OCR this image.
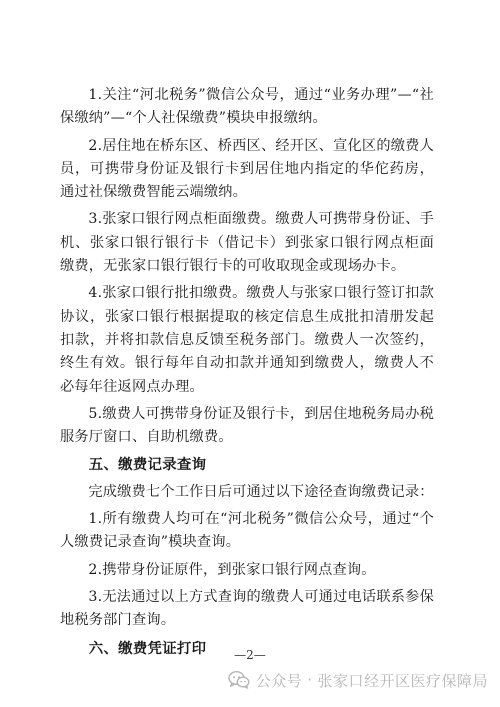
1.关注“河北税务”微信公众号，通过“业务办理”—“社保缴纳”—“个人社保缴费”模块申报缴纳。

2.居住地在桥东区、桥西区、经开区、宣化区的缴费人员，可携带身份证及银行卡到居住地内指定的华佗药房，通过社保缴费智能云端缴纳。

3.张家口银行网点柜面缴费。缴费人可携带身份证、手机、张家口银行银行卡（借记卡）到张家口银行网点柜面缴费，无张家口银行银行卡的可收取现金或现场办卡。

4.张家口银行批扣缴费。缴费人与张家口银行签订扣款协议，张家口银行根据提取的核定信息生成批扣清册发起扣款，并将扣款信息反馈至税务部门。缴费人一次签约，终生有效。银行每年自动扣款并通知到缴费人，缴费人不必每年往返网点办理。

5.缴费人可携带身份证及银行卡，到居住地税务局办税服务厅窗口、自助机缴费。

五、缴费记录查询

完成缴费七个工作日后可通过以下途径查询缴费记录：

1.所有缴费人均可在“河北税务”微信公众号，通过“个人缴费记录查询”模块查询。

2.携带身份证原件，到张家口银行网点查询。

3.无法通过以上方式查询的缴费人可通过电话联系参保地税务部门查询。

六、缴费凭证打印	—2—
公众号 · 张家口经开区医疗保障局
